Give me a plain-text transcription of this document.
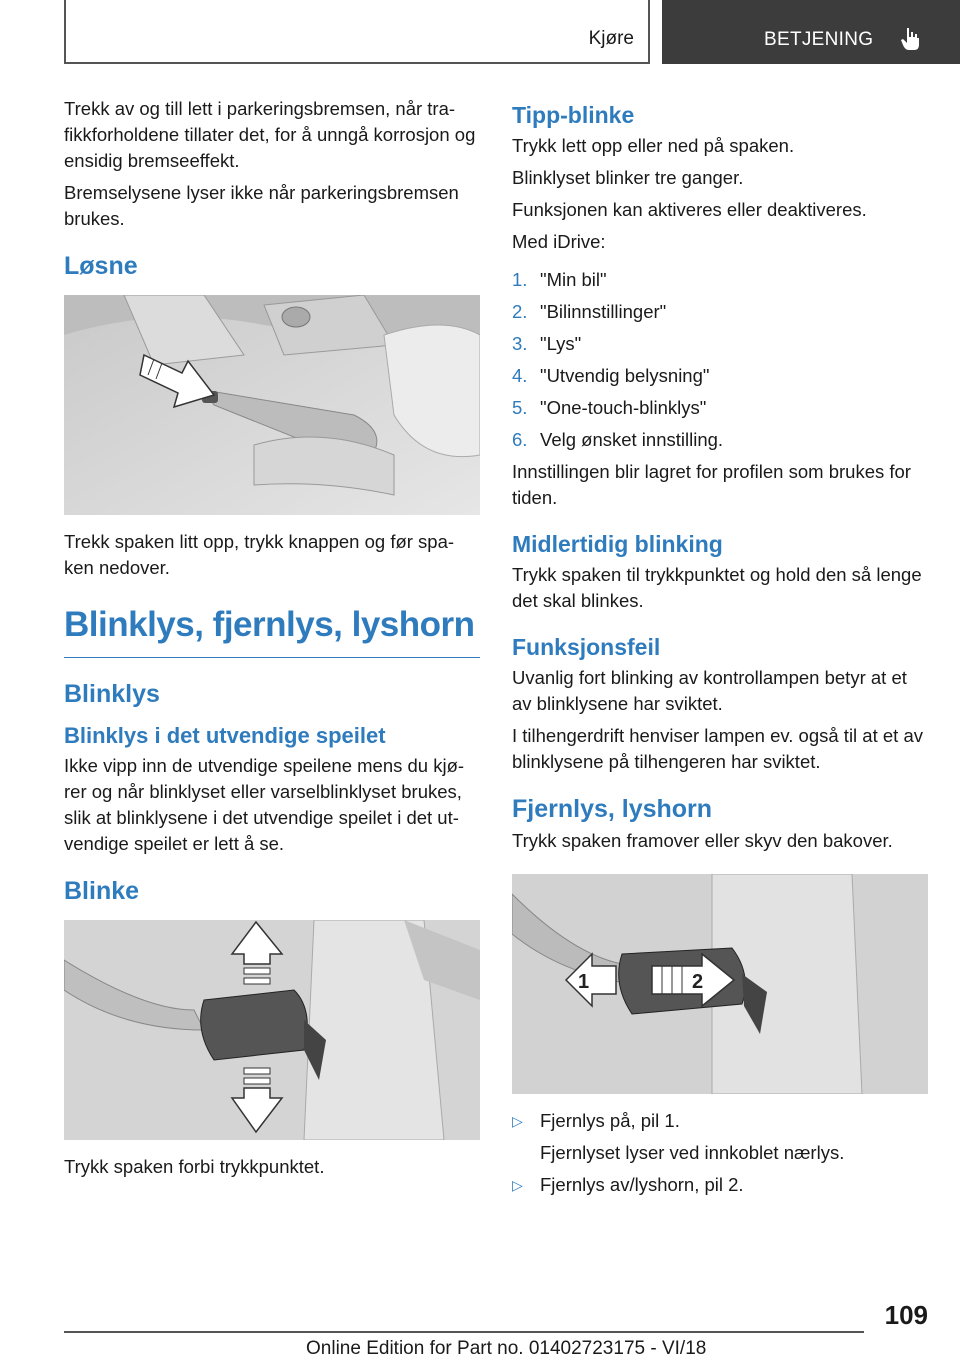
Kjøre	BETJENING

Trekk av og till lett i parkeringsbremsen, når tra-fikkforholdene tillater det, for å unngå korrosjon og ensidig bremseeffekt.

Bremselysene lyser ikke når parkeringsbremsen brukes.

Løsne

Trekk spaken litt opp, trykk knappen og før spa-ken nedover.

Blinklys, fjernlys, lyshorn
Blinklys
Blinklys i det utvendige speilet

Ikke vipp inn de utvendige speilene mens du kjø-rer og når blinklyset eller varselblinklyset brukes, slik at blinklysene i det utvendige speilet i det ut-vendige speilet er lett å se.

Blinke

Trykk spaken forbi trykkpunktet.

Tipp-blinke

Trykk lett opp eller ned på spaken.

Blinklyset blinker tre ganger.

Funksjonen kan aktiveres eller deaktiveres.

Med iDrive:

1. "Min bil"
2. "Bilinnstillinger"
3. "Lys"
4. "Utvendig belysning"
5. "One-touch-blinklys"
6. Velg ønsket innstilling.

Innstillingen blir lagret for profilen som brukes for tiden.

Midlertidig blinking

Trykk spaken til trykkpunktet og hold den så lenge det skal blinkes.

Funksjonsfeil

Uvanlig fort blinking av kontrollampen betyr at et av blinklysene har sviktet.

I tilhengerdrift henviser lampen ev. også til at et av blinklysene på tilhengeren har sviktet.

Fjernlys, lyshorn

Trykk spaken framover eller skyv den bakover.

1	2
▷ Fjernlys på, pil 1.
Fjernlyset lyser ved innkoblet nærlys.
▷ Fjernlys av/lyshorn, pil 2.
109
Online Edition for Part no. 01402723175 - VI/18
